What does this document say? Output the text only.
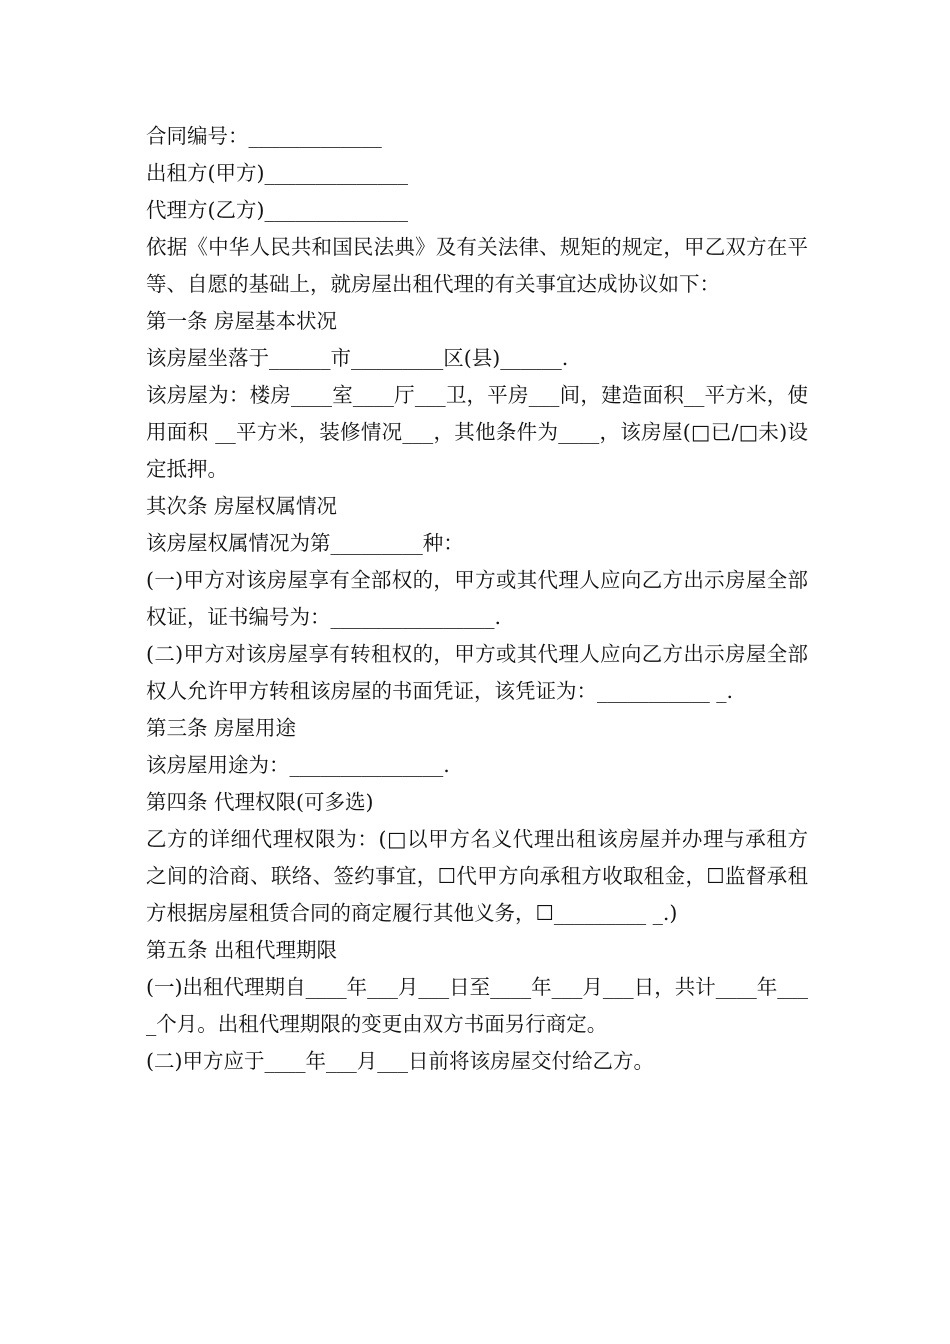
合同编号：_____________
出租方(甲方)______________
代理方(乙方)______________
依据《中华人民共和国民法典》及有关法律、规矩的规定，甲乙双方在平等、自愿的基础上，就房屋出租代理的有关事宜达成协议如下：
第一条 房屋基本状况
该房屋坐落于______市_________区(县)______.
该房屋为：楼房____室____厅___卫，平房___间，建造面积__平方米，使用面积 __平方米，装修情况___，其他条件为____，该房屋(□已/□未)设定抵押。
其次条 房屋权属情况
该房屋权属情况为第_________种：
(一)甲方对该房屋享有全部权的，甲方或其代理人应向乙方出示房屋全部权证，证书编号为：________________.
(二)甲方对该房屋享有转租权的，甲方或其代理人应向乙方出示房屋全部权人允许甲方转租该房屋的书面凭证，该凭证为：___________ _.
第三条 房屋用途
该房屋用途为：_______________.
第四条 代理权限(可多选)
乙方的详细代理权限为：(□以甲方名义代理出租该房屋并办理与承租方之间的洽商、联络、签约事宜，☐代甲方向承租方收取租金，☐监督承租方根据房屋租赁合同的商定履行其他义务，☐_________ _.)
第五条 出租代理期限
(一)出租代理期自____年___月___日至____年___月___日，共计____年____个月。出租代理期限的变更由双方书面另行商定。
(二)甲方应于____年___月___日前将该房屋交付给乙方。
